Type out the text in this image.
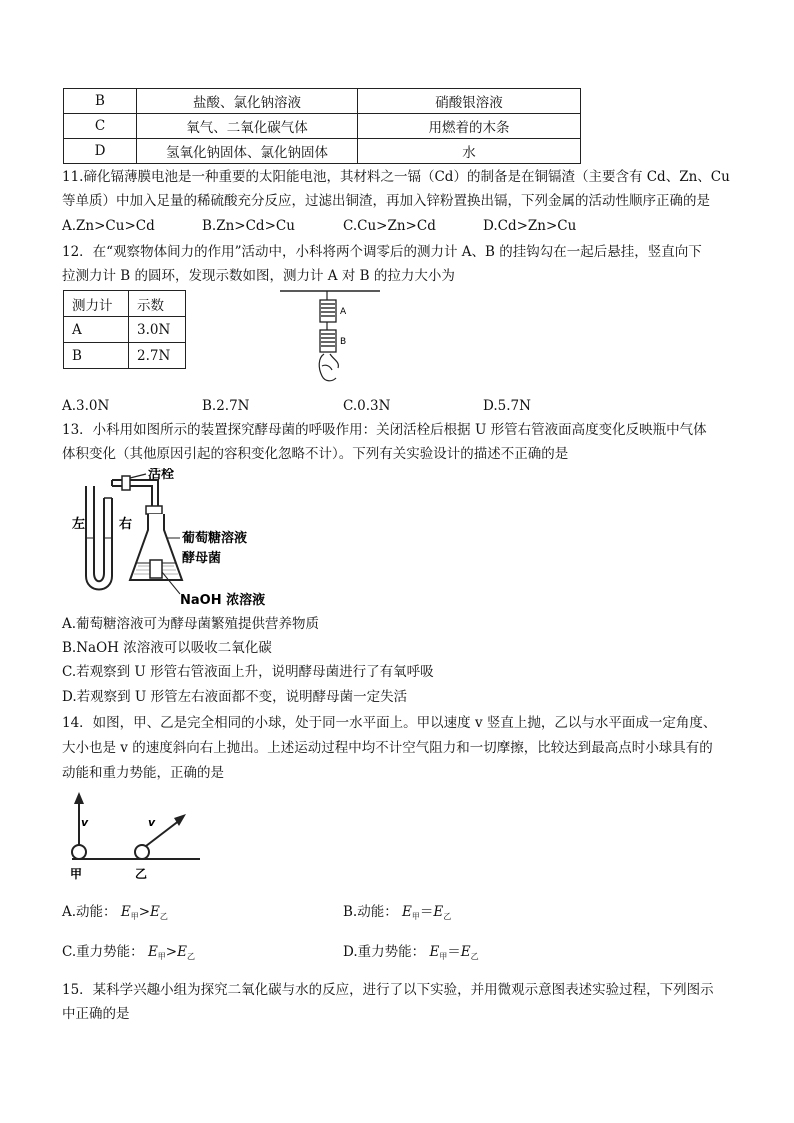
B	盐酸、氯化钠溶液	硝酸银溶液
C	氧气、二氧化碳气体	用燃着的木条
D	氢氧化钠固体、氯化钠固体	水
11.碲化镉薄膜电池是一种重要的太阳能电池，其材料之一镉（Cd）的制备是在铜镉渣（主要含有 Cd、Zn、Cu
等单质）中加入足量的稀硫酸充分反应，过滤出铜渣，再加入锌粉置换出镉，下列金属的活动性顺序正确的是
A.Zn>Cu>Cd	B.Zn>Cd>Cu	C.Cu>Zn>Cd	D.Cd>Zn>Cu
12．在“观察物体间力的作用”活动中，小科将两个调零后的测力计 A、B 的挂钩勾在一起后悬挂，竖直向下
拉测力计 B 的圆环，发现示数如图，测力计 A 对 B 的拉力大小为
测力计	示数
A	3.0N
B	2.7N
A
B
A.3.0N	B.2.7N	C.0.3N	D.5.7N
13．小科用如图所示的装置探究酵母菌的呼吸作用：关闭活栓后根据 U 形管右管液面高度变化反映瓶中气体
体积变化（其他原因引起的容积变化忽略不计）。下列有关实验设计的描述不正确的是
活栓
左	右
葡萄糖溶液
酵母菌
NaOH 浓溶液
A.葡萄糖溶液可为酵母菌繁殖提供营养物质
B.NaOH 浓溶液可以吸收二氧化碳
C.若观察到 U 形管右管液面上升，说明酵母菌进行了有氧呼吸
D.若观察到 U 形管左右液面都不变，说明酵母菌一定失活
14．如图，甲、乙是完全相同的小球，处于同一水平面上。甲以速度 v 竖直上抛，乙以与水平面成一定角度、
大小也是 v 的速度斜向右上抛出。上述运动过程中均不计空气阻力和一切摩擦，比较达到最高点时小球具有的
动能和重力势能，正确的是
v	v
甲	乙
A.动能： $E_甲>E_乙$	B.动能： $E_甲=E_乙$
C.重力势能： $E_甲>E_乙$	D.重力势能： $E_甲=E_乙$
15．某科学兴趣小组为探究二氧化碳与水的反应，进行了以下实验，并用微观示意图表述实验过程，下列图示
中正确的是
